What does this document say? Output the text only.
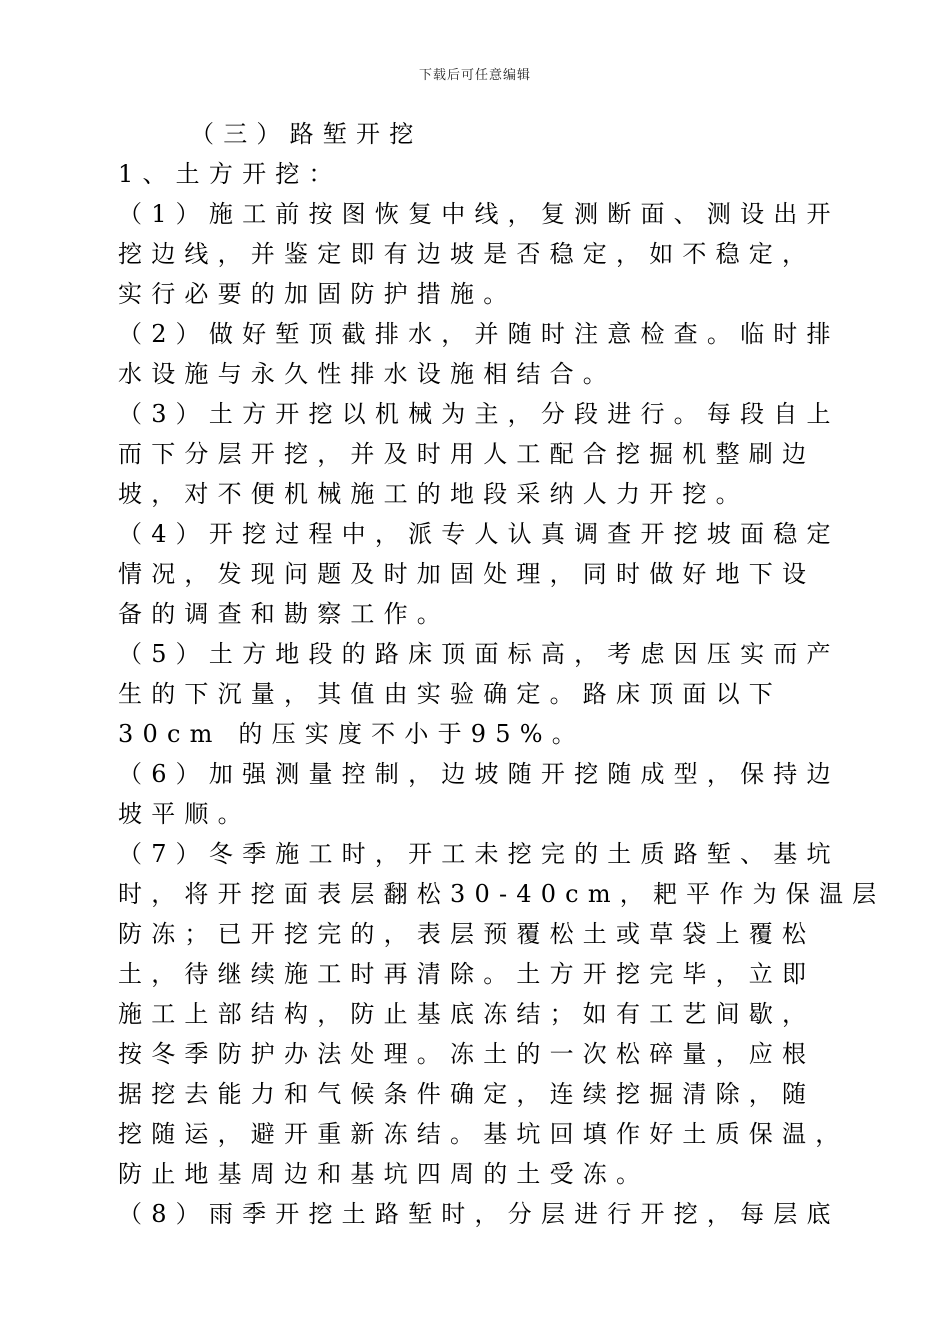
下载后可任意编辑
（三）路堑开挖
1、土方开挖：
（1）施工前按图恢复中线，复测断面、测设出开
挖边线，并鉴定即有边坡是否稳定，如不稳定，
实行必要的加固防护措施。
（2）做好堑顶截排水，并随时注意检查。临时排
水设施与永久性排水设施相结合。
（3）土方开挖以机械为主，分段进行。每段自上
而下分层开挖，并及时用人工配合挖掘机整刷边
坡，对不便机械施工的地段采纳人力开挖。
（4）开挖过程中，派专人认真调查开挖坡面稳定
情况，发现问题及时加固处理，同时做好地下设
备的调查和勘察工作。
（5）土方地段的路床顶面标高，考虑因压实而产
生的下沉量，其值由实验确定。路床顶面以下
30cm 的压实度不小于95%。
（6）加强测量控制，边坡随开挖随成型，保持边
坡平顺。
（7）冬季施工时，开工未挖完的土质路堑、基坑
时，将开挖面表层翻松30-40cm，耙平作为保温层
防冻；已开挖完的，表层预覆松土或草袋上覆松
土，待继续施工时再清除。土方开挖完毕，立即
施工上部结构，防止基底冻结；如有工艺间歇，
按冬季防护办法处理。冻土的一次松碎量，应根
据挖去能力和气候条件确定，连续挖掘清除，随
挖随运，避开重新冻结。基坑回填作好土质保温，
防止地基周边和基坑四周的土受冻。
（8）雨季开挖土路堑时，分层进行开挖，每层底
